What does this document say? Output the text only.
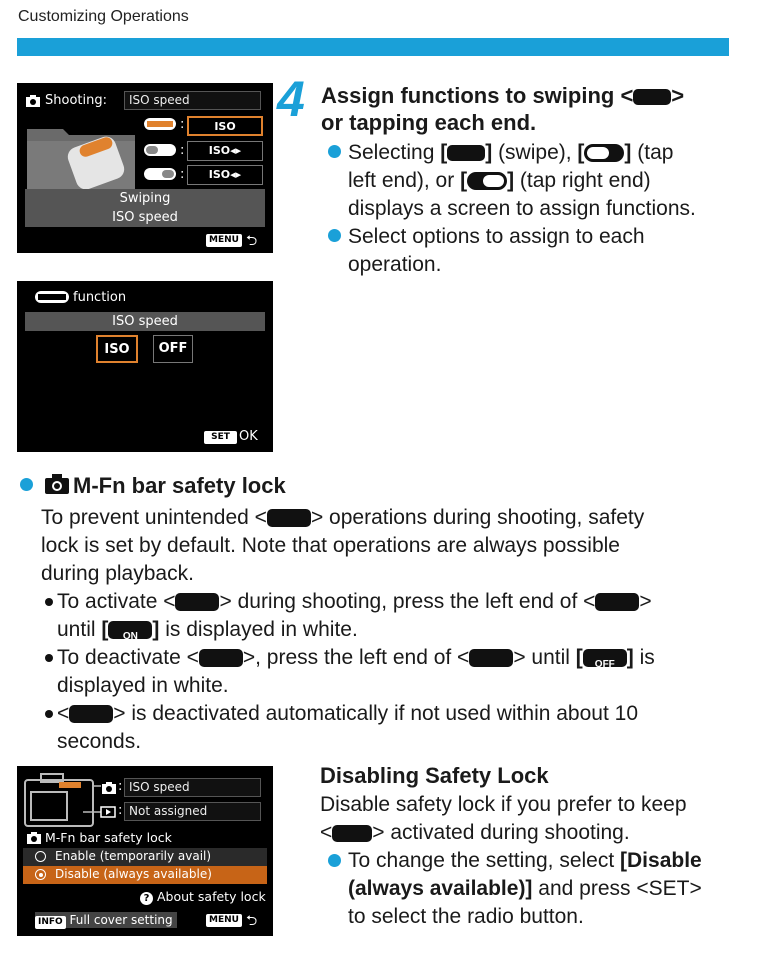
Customizing Operations
Shooting:	ISO speed
:	ISO
:	ISO◂▸
:	ISO◂▸
Swiping
ISO speed
MENU ⮌
function
ISO speed
ISO	OFF
SET OK
4 Assign functions to swiping < >
or tapping each end.
Selecting [ ] (swipe), [ ] (tap
left end), or [ ] (tap right end)
displays a screen to assign functions.
Select options to assign to each
operation.
M-Fn bar safety lock
To prevent unintended < > operations during shooting, safety
lock is set by default. Note that operations are always possible
during playback.
To activate < > during shooting, press the left end of < >
until [	ON ] is displayed in white.
To deactivate < >, press the left end of < > until [	OFF ] is
displayed in white.
< > is deactivated automatically if not used within about 10
seconds.
: ISO speed
: Not assigned
M-Fn bar safety lock
Enable (temporarily avail)
Disable (always available)
? About safety lock
INFO Full cover setting	MENU ⮌
Disabling Safety Lock
Disable safety lock if you prefer to keep
< > activated during shooting.
To change the setting, select [Disable
(always available)] and press <SET>
to select the radio button.
